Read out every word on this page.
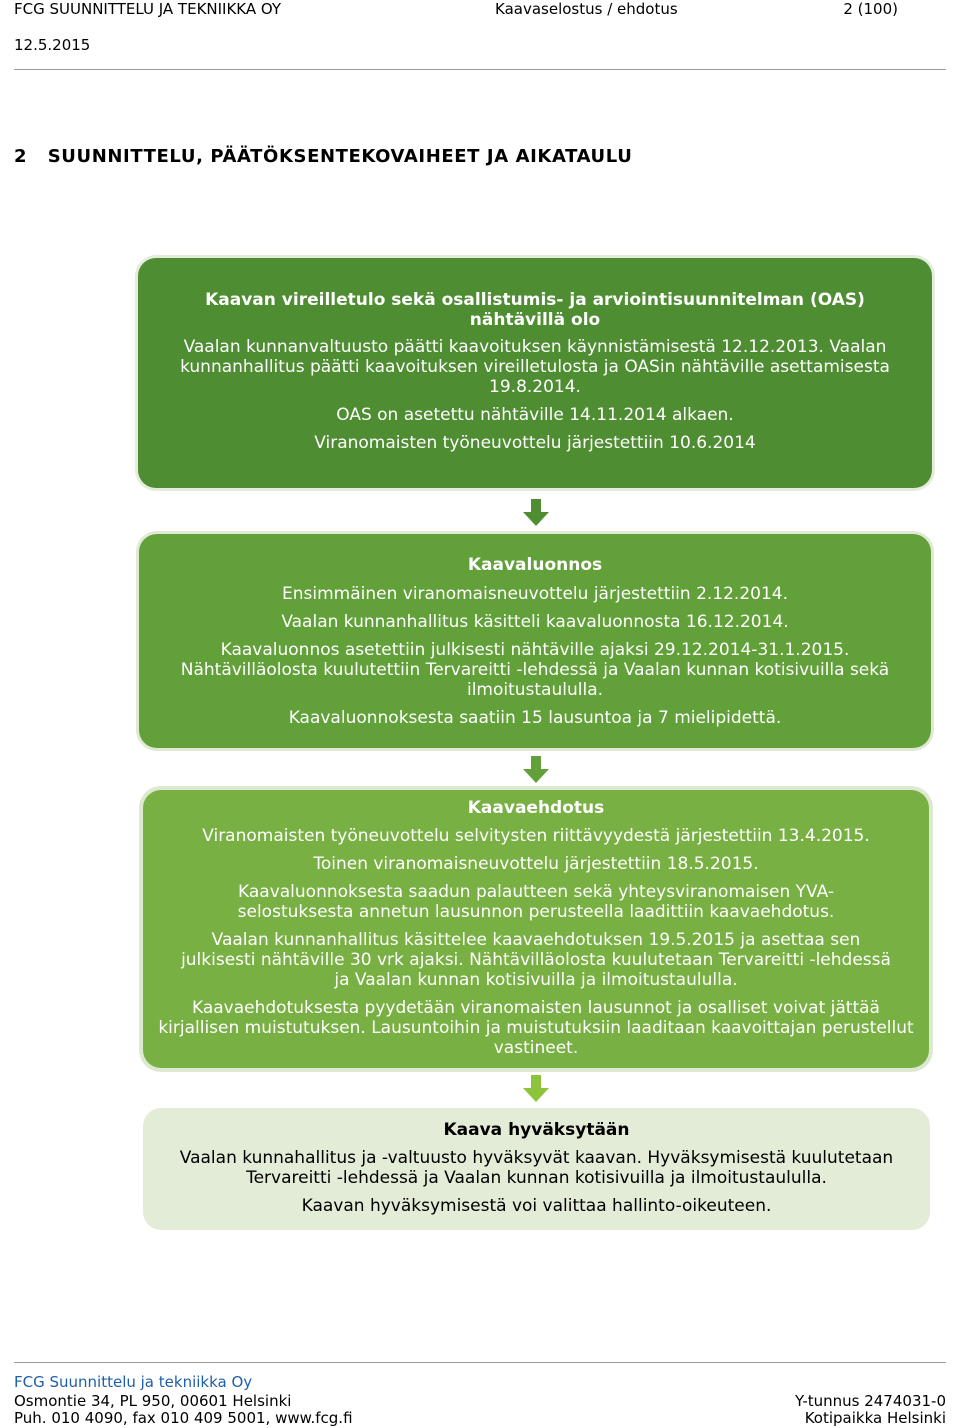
FCG SUUNNITTELU JA TEKNIIKKA OY	Kaavaselostus / ehdotus	2 (100)
12.5.2015
2 SUUNNITTELU, PÄÄTÖKSENTEKOVAIHEET JA AIKATAULU

Kaavan vireilletulo sekä osallistumis- ja arviointisuunnitelman (OAS) nähtävillä olo

Vaalan kunnanvaltuusto päätti kaavoituksen käynnistämisestä 12.12.2013. Vaalan kunnanhallitus päätti kaavoituksen vireilletulosta ja OASin nähtäville asettamisesta 19.8.2014.

OAS on asetettu nähtäville 14.11.2014 alkaen.

Viranomaisten työneuvottelu järjestettiin 10.6.2014

Kaavaluonnos

Ensimmäinen viranomaisneuvottelu järjestettiin 2.12.2014.

Vaalan kunnanhallitus käsitteli kaavaluonnosta 16.12.2014.

Kaavaluonnos asetettiin julkisesti nähtäville ajaksi 29.12.2014-31.1.2015. Nähtävilläolosta kuulutettiin Tervareitti -lehdessä ja Vaalan kunnan kotisivuilla sekä ilmoitustaululla.

Kaavaluonnoksesta saatiin 15 lausuntoa ja 7 mielipidettä.

Kaavaehdotus

Viranomaisten työneuvottelu selvitysten riittävyydestä järjestettiin 13.4.2015.

Toinen viranomaisneuvottelu järjestettiin 18.5.2015.

Kaavaluonnoksesta saadun palautteen sekä yhteysviranomaisen YVA-selostuksesta annetun lausunnon perusteella laadittiin kaavaehdotus.

Vaalan kunnanhallitus käsittelee kaavaehdotuksen 19.5.2015 ja asettaa sen julkisesti nähtäville 30 vrk ajaksi. Nähtävilläolosta kuulutetaan Tervareitti -lehdessä ja Vaalan kunnan kotisivuilla ja ilmoitustaululla.

Kaavaehdotuksesta pyydetään viranomaisten lausunnot ja osalliset voivat jättää kirjallisen muistutuksen. Lausuntoihin ja muistutuksiin laaditaan kaavoittajan perustellut vastineet.

Kaava hyväksytään

Vaalan kunnahallitus ja -valtuusto hyväksyvät kaavan. Hyväksymisestä kuulutetaan Tervareitti -lehdessä ja Vaalan kunnan kotisivuilla ja ilmoitustaululla.

Kaavan hyväksymisestä voi valittaa hallinto-oikeuteen.

FCG Suunnittelu ja tekniikka Oy
Osmontie 34, PL 950, 00601 Helsinki
Puh. 010 4090, fax 010 409 5001, www.fcg.fi
Y-tunnus 2474031-0
Kotipaikka Helsinki
